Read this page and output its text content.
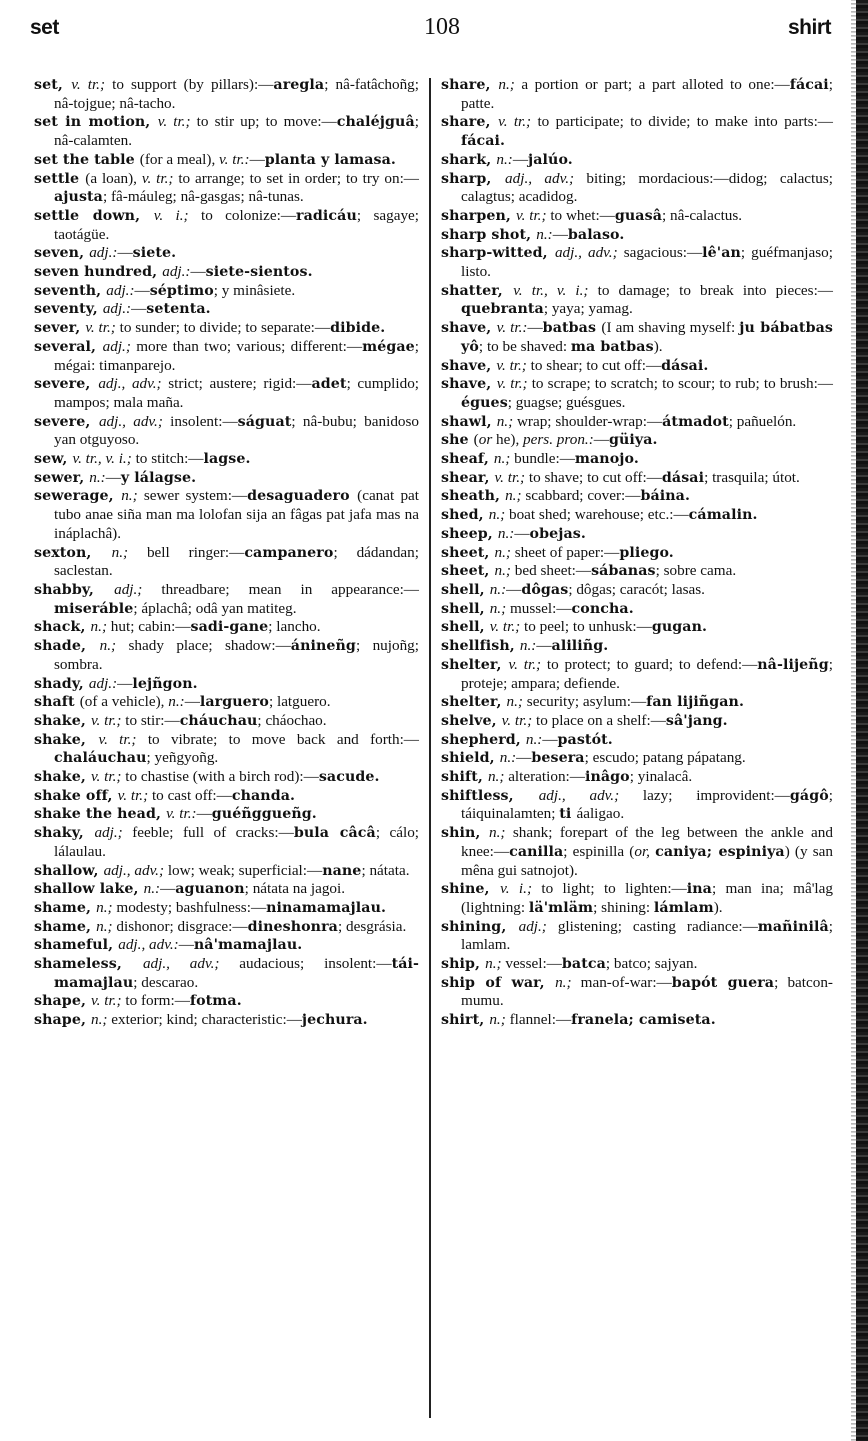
set	108	shirt

set, v. tr.; to support (by pillars):—aregla; nâ-fatâchoñg; nâ-tojgue; nâ-tacho.

set in motion, v. tr.; to stir up; to move:—chaléjguâ; nâ-calamten.

set the table (for a meal), v. tr.:—planta y lamasa.

settle (a loan), v. tr.; to arrange; to set in order; to try on:—ajusta; fâ-máuleg; nâ-gasgas; nâ-tunas.

settle down, v. i.; to colonize:—radicáu; sagaye; taotágüe.

seven, adj.:—siete.

seven hundred, adj.:—siete-sientos.

seventh, adj.:—séptimo; y minâsiete.

seventy, adj.:—setenta.

sever, v. tr.; to sunder; to divide; to separate:—dibide.

several, adj.; more than two; various; different:—mégae; mégai: timanparejo.

severe, adj., adv.; strict; austere; rigid:—adet; cumplido; mampos; mala maña.

severe, adj., adv.; insolent:—ságuat; nâ-bubu; banidoso yan otguyoso.

sew, v. tr., v. i.; to stitch:—lagse.

sewer, n.:—y lálagse.

sewerage, n.; sewer system:—desaguadero (canat pat tubo anae siña man ma lolofan sija an fâgas pat jafa mas na ináplachâ).

sexton, n.; bell ringer:—campanero; dádandan; saclestan.

shabby, adj.; threadbare; mean in appearance:—miseráble; áplachâ; odâ yan matiteg.

shack, n.; hut; cabin:—sadi-gane; lancho.

shade, n.; shady place; shadow:—ánineñg; nujoñg; sombra.

shady, adj.:—lejñgon.

shaft (of a vehicle), n.:—larguero; latguero.

shake, v. tr.; to stir:—cháuchau; cháochao.

shake, v. tr.; to vibrate; to move back and forth:—chaláuchau; yeñgyoñg.

shake, v. tr.; to chastise (with a birch rod):—sacude.

shake off, v. tr.; to cast off:—chanda.

shake the head, v. tr.:—guéñggueñg.

shaky, adj.; feeble; full of cracks:—bula câcâ; cálo; lálaulau.

shallow, adj., adv.; low; weak; superficial:—nane; nátata.

shallow lake, n.:—aguanon; nátata na jagoi.

shame, n.; modesty; bashfulness:—ninamamajlau.

shame, n.; dishonor; disgrace:—dineshonra; desgrásia.

shameful, adj., adv.:—nâ'mamajlau.

shameless, adj., adv.; audacious; insolent:—tái-mamajlau; descarao.

shape, v. tr.; to form:—fotma.

shape, n.; exterior; kind; characteristic:—jechura.

share, n.; a portion or part; a part alloted to one:—fácai; patte.

share, v. tr.; to participate; to divide; to make into parts:—fácai.

shark, n.:—jalúo.

sharp, adj., adv.; biting; mordacious:—didog; calactus; calagtus; acadidog.

sharpen, v. tr.; to whet:—guasâ; nâ-calactus.

sharp shot, n.:—balaso.

sharp-witted, adj., adv.; sagacious:—lê'an; guéfmanjaso; listo.

shatter, v. tr., v. i.; to damage; to break into pieces:—quebranta; yaya; yamag.

shave, v. tr.:—batbas (I am shaving myself: ju bábatbas yô; to be shaved: ma batbas).

shave, v. tr.; to shear; to cut off:—dásai.

shave, v. tr.; to scrape; to scratch; to scour; to rub; to brush:—égues; guagse; guésgues.

shawl, n.; wrap; shoulder-wrap:—átmadot; pañuelón.

she (or he), pers. pron.:—güiya.

sheaf, n.; bundle:—manojo.

shear, v. tr.; to shave; to cut off:—dásai; trasquila; útot.

sheath, n.; scabbard; cover:—báina.

shed, n.; boat shed; warehouse; etc.:—cámalin.

sheep, n.:—obejas.

sheet, n.; sheet of paper:—pliego.

sheet, n.; bed sheet:—sábanas; sobre cama.

shell, n.:—dôgas; dôgas; caracót; lasas.

shell, n.; mussel:—concha.

shell, v. tr.; to peel; to unhusk:—gugan.

shellfish, n.:—aliliñg.

shelter, v. tr.; to protect; to guard; to defend:—nâ-lijeñg; proteje; ampara; defiende.

shelter, n.; security; asylum:—fan lijiñgan.

shelve, v. tr.; to place on a shelf:—sâ'jang.

shepherd, n.:—pastót.

shield, n.:—besera; escudo; patang pápatang.

shift, n.; alteration:—inâgo; yinalacâ.

shiftless, adj., adv.; lazy; improvident:—gágô; táiquinalamten; ti áaligao.

shin, n.; shank; forepart of the leg between the ankle and knee:—canilla; espinilla (or, caniya; espiniya) (y san mêna gui satnojot).

shine, v. i.; to light; to lighten:—ina; man ina; mâ'lag (lightning: lä'mläm; shining: lámlam).

shining, adj.; glistening; casting radiance:—mañinilâ; lamlam.

ship, n.; vessel:—batca; batco; sajyan.

ship of war, n.; man-of-war:—bapót guera; batcon-mumu.

shirt, n.; flannel:—franela; camiseta.
